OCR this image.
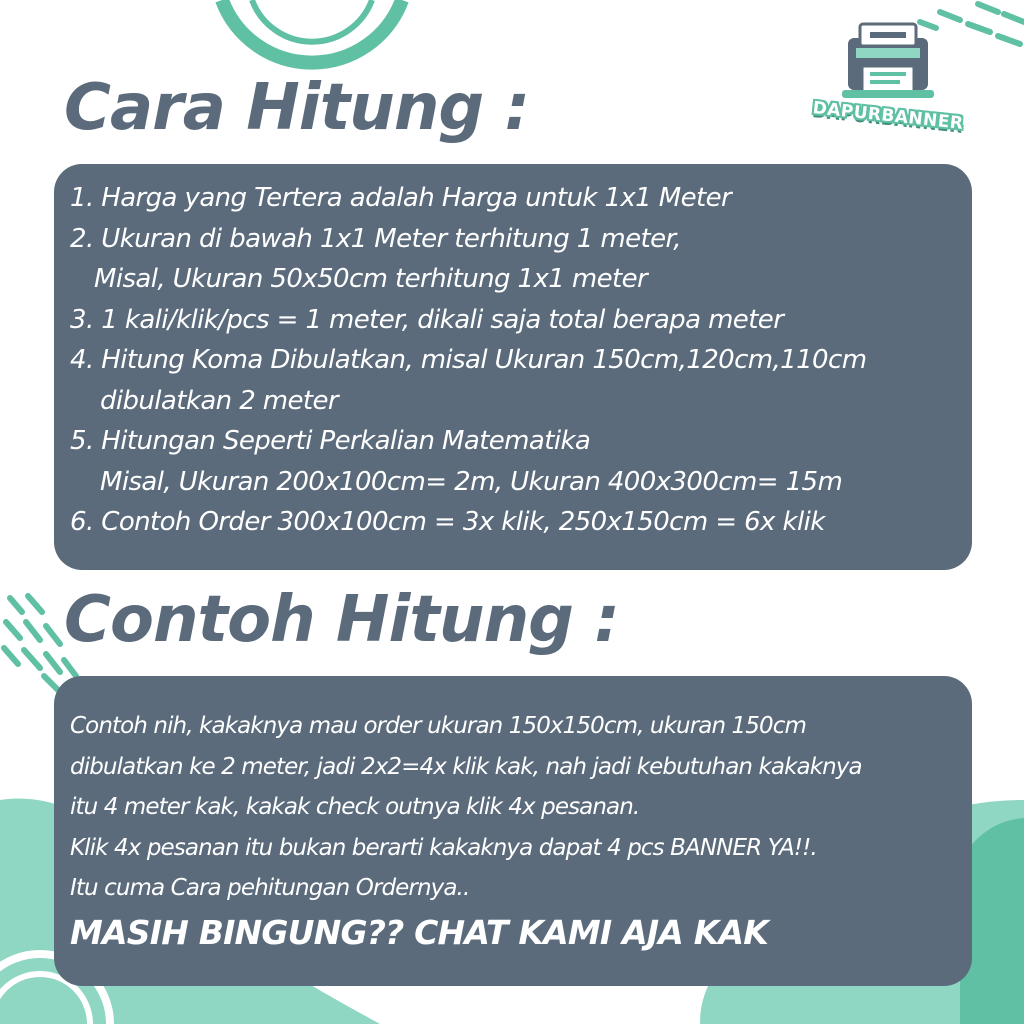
DAPURBANNER
Cara Hitung :
1. Harga yang Tertera adalah Harga untuk 1x1 Meter
2. Ukuran di bawah 1x1 Meter terhitung 1 meter,
Misal, Ukuran 50x50cm terhitung 1x1 meter
3. 1 kali/klik/pcs = 1 meter, dikali saja total berapa meter
4. Hitung Koma Dibulatkan, misal Ukuran 150cm,120cm,110cm
dibulatkan 2 meter
5. Hitungan Seperti Perkalian Matematika
Misal, Ukuran 200x100cm= 2m, Ukuran 400x300cm= 15m
6. Contoh Order 300x100cm = 3x klik, 250x150cm = 6x klik
Contoh Hitung :
Contoh nih, kakaknya mau order ukuran 150x150cm, ukuran 150cm
dibulatkan ke 2 meter, jadi 2x2=4x klik kak, nah jadi kebutuhan kakaknya
itu 4 meter kak, kakak check outnya klik 4x pesanan.
Klik 4x pesanan itu bukan berarti kakaknya dapat 4 pcs BANNER YA!!.
Itu cuma Cara pehitungan Ordernya..
MASIH BINGUNG?? CHAT KAMI AJA KAK
